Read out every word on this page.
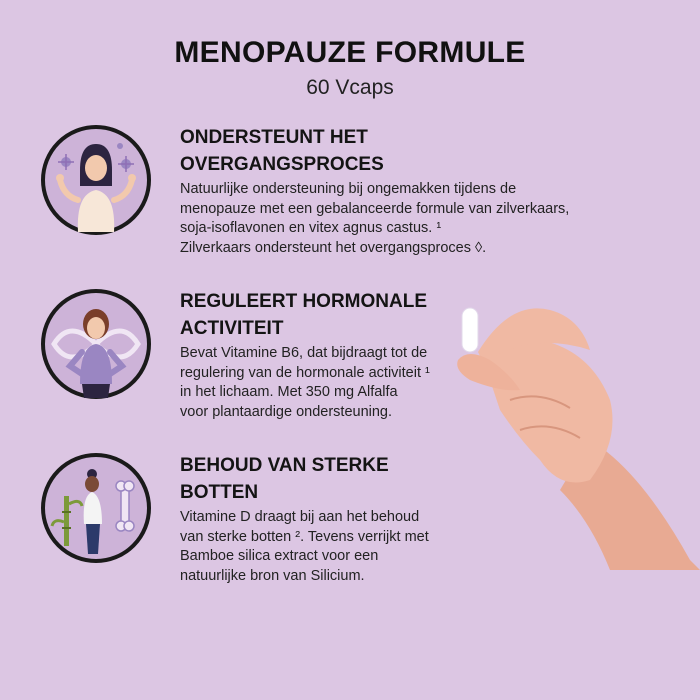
MENOPAUZE FORMULE
60 Vcaps
ONDERSTEUNT HET
OVERGANGSPROCES
Natuurlijke ondersteuning bij ongemakken tijdens de
menopauze met een gebalanceerde formule van zilverkaars,
soja-isoflavonen en vitex agnus castus. ¹
Zilverkaars ondersteunt het overgangsproces ◊.
REGULEERT HORMONALE
ACTIVITEIT
Bevat Vitamine B6, dat bijdraagt tot de
regulering van de hormonale activiteit ¹
in het lichaam. Met 350 mg Alfalfa
voor plantaardige ondersteuning.
BEHOUD VAN STERKE
BOTTEN
Vitamine D draagt bij aan het behoud
van sterke botten ². Tevens verrijkt met
Bamboe silica extract voor een
natuurlijke bron van Silicium.
